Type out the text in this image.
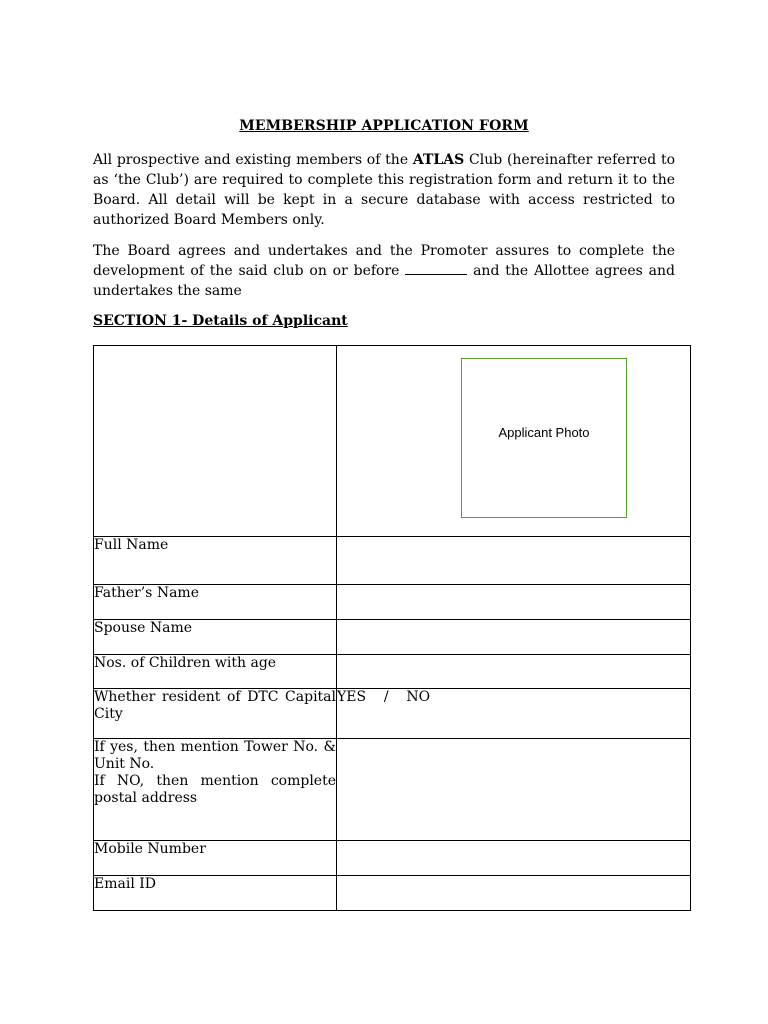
MEMBERSHIP APPLICATION FORM
All prospective and existing members of the ATLAS Club (hereinafter referred to as ‘the Club’) are required to complete this registration form and return it to the Board. All detail will be kept in a secure database with access restricted to authorized Board Members only.
The Board agrees and undertakes and the Promoter assures to complete the development of the said club on or before	and the Allottee agrees and undertakes the same
SECTION 1- Details of Applicant

	Applicant Photo

Full Name	
Father’s Name	
Spouse Name	
Nos. of Children with age	
Whether resident of DTC Capital City	YES / NO

If yes, then mention Tower No. & Unit No.
If NO, then mention complete postal address	

Mobile Number	
Email ID	
